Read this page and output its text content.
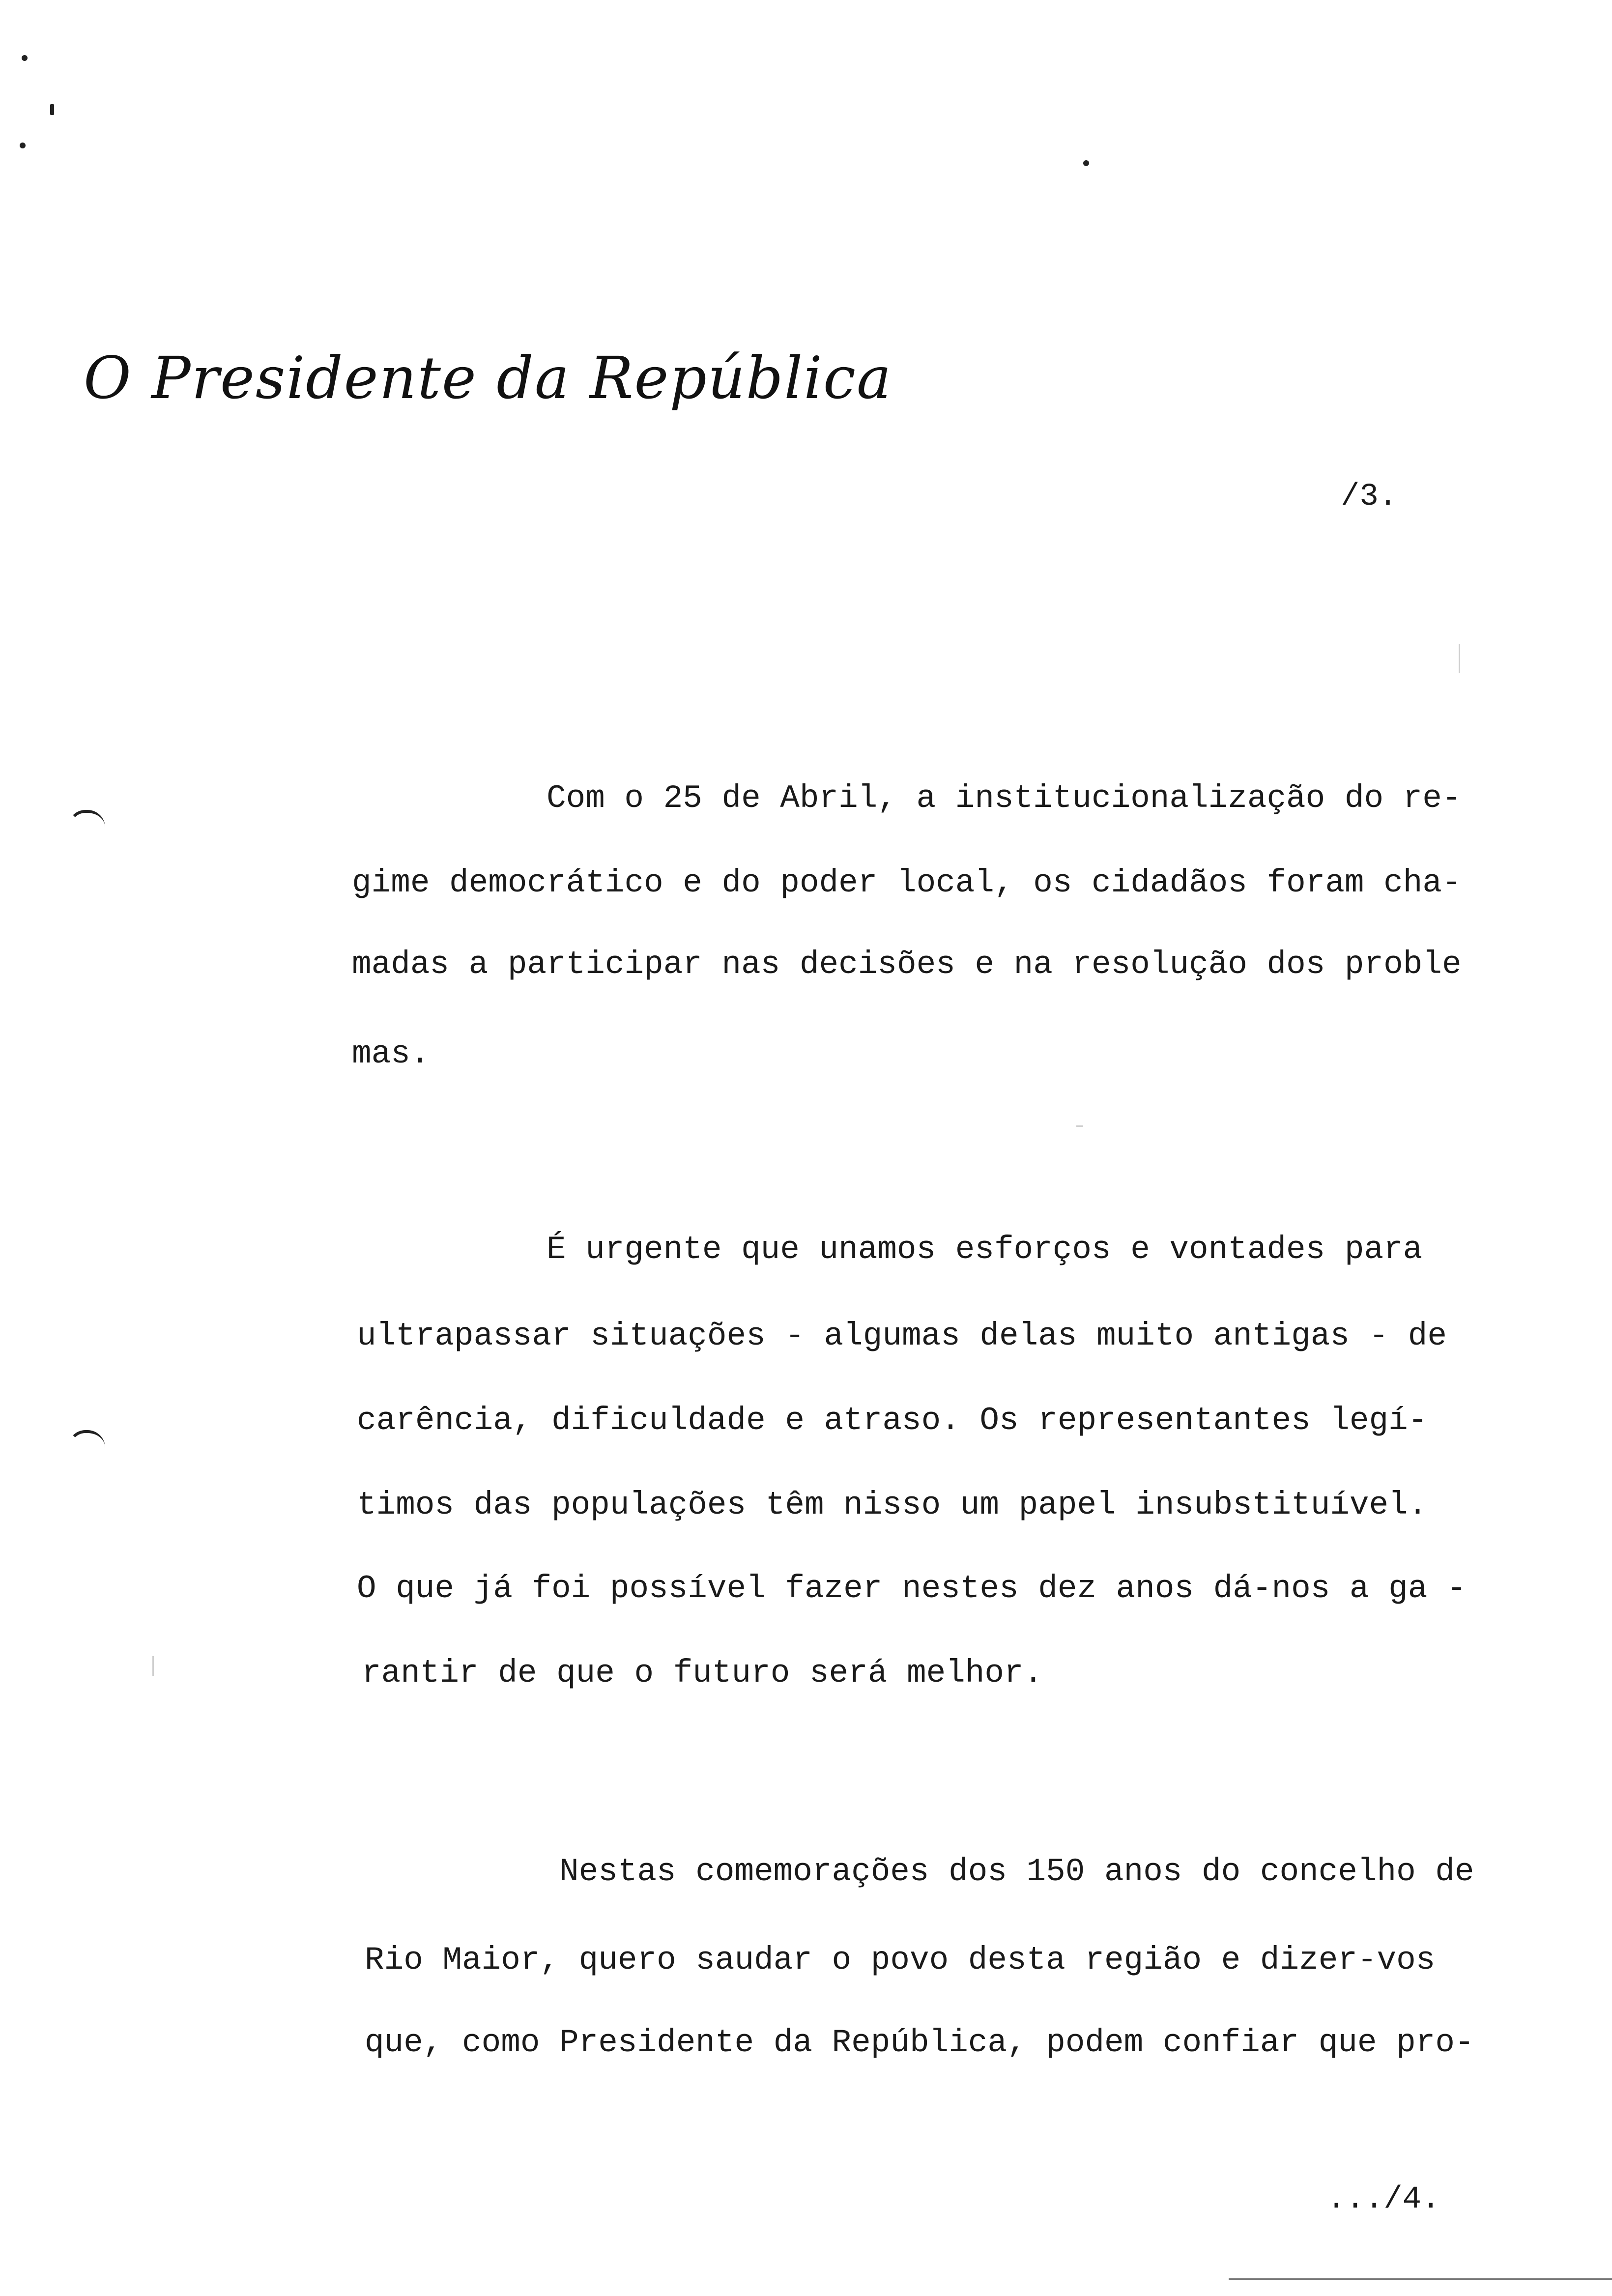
O Presidente da República
/3.
Com o 25 de Abril, a institucionalização do re-
gime democrático e do poder local, os cidadãos foram cha-
madas a participar nas decisões e na resolução dos proble
mas.
É urgente que unamos esforços e vontades para
ultrapassar situações - algumas delas muito antigas - de
carência, dificuldade e atraso. Os representantes legí-
timos das populações têm nisso um papel insubstituível.
O que já foi possível fazer nestes dez anos dá-nos a ga -
rantir de que o futuro será melhor.
Nestas comemorações dos 150 anos do concelho de
Rio Maior, quero saudar o povo desta região e dizer-vos
que, como Presidente da República, podem confiar que pro-
.../4.
